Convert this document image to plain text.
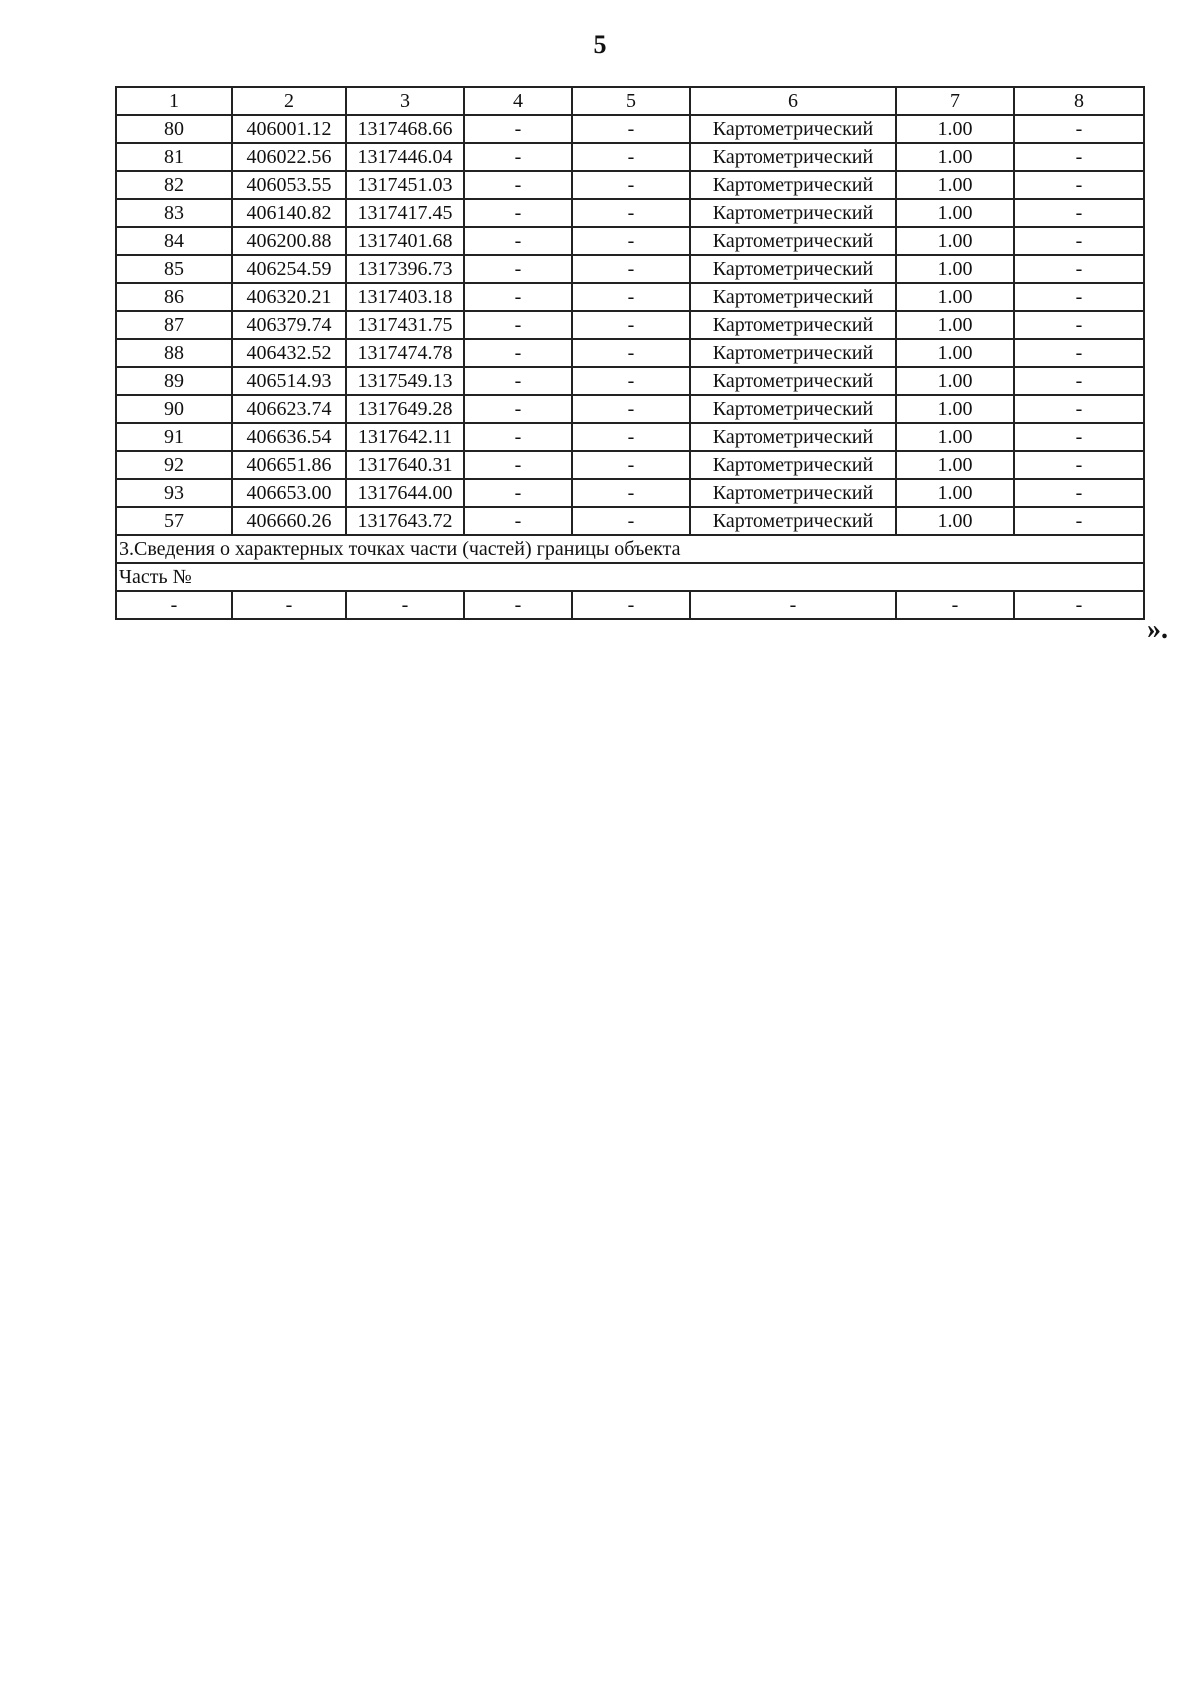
5
1	2	3	4	5	6	7	8
80	406001.12	1317468.66	-	-	Картометрический	1.00	-
81	406022.56	1317446.04	-	-	Картометрический	1.00	-
82	406053.55	1317451.03	-	-	Картометрический	1.00	-
83	406140.82	1317417.45	-	-	Картометрический	1.00	-
84	406200.88	1317401.68	-	-	Картометрический	1.00	-
85	406254.59	1317396.73	-	-	Картометрический	1.00	-
86	406320.21	1317403.18	-	-	Картометрический	1.00	-
87	406379.74	1317431.75	-	-	Картометрический	1.00	-
88	406432.52	1317474.78	-	-	Картометрический	1.00	-
89	406514.93	1317549.13	-	-	Картометрический	1.00	-
90	406623.74	1317649.28	-	-	Картометрический	1.00	-
91	406636.54	1317642.11	-	-	Картометрический	1.00	-
92	406651.86	1317640.31	-	-	Картометрический	1.00	-
93	406653.00	1317644.00	-	-	Картометрический	1.00	-
57	406660.26	1317643.72	-	-	Картометрический	1.00	-
3.Сведения о характерных точках части (частей) границы объекта							
Часть №							
-	-	-	-	-	-	-	-
».
